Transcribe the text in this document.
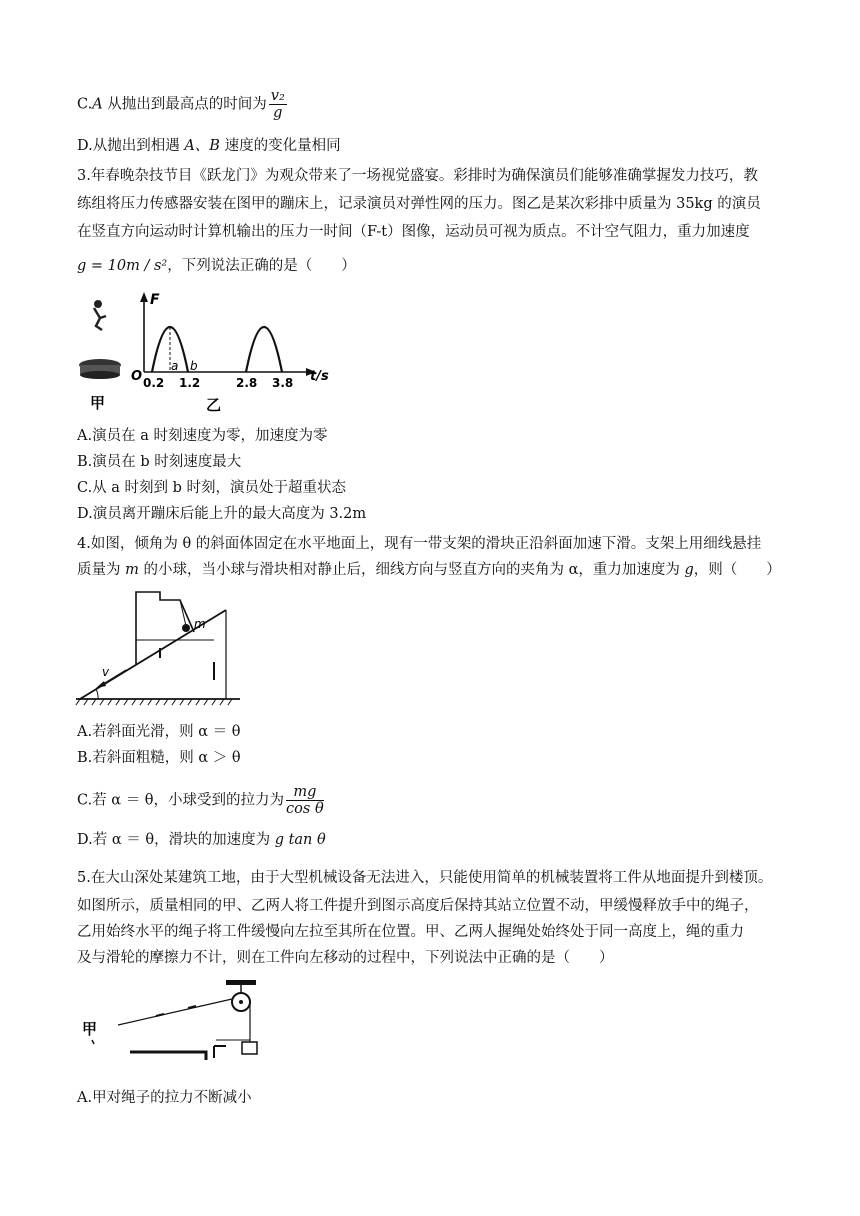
C.A 从抛出到最高点的时间为 $\frac{\text{v₂}}{g}$
D.从抛出到相遇 A、B 速度的变化量相同
3.年春晚杂技节目《跃龙门》为观众带来了一场视觉盛宴。彩排时为确保演员们能够准确掌握发力技巧，教
练组将压力传感器安装在图甲的蹦床上，记录演员对弹性网的压力。图乙是某次彩排中质量为 35kg 的演员
在竖直方向运动时计算机输出的压力一时间（F-t）图像，运动员可视为质点。不计空气阻力，重力加速度
g = 10m / s²，下列说法正确的是（　　）
甲
F
t/s
O
a b
0.2 1.2	2.8 3.8
乙
A.演员在 a 时刻速度为零，加速度为零
B.演员在 b 时刻速度最大
C.从 a 时刻到 b 时刻，演员处于超重状态
D.演员离开蹦床后能上升的最大高度为 3.2m
4.如图，倾角为 θ 的斜面体固定在水平地面上，现有一带支架的滑块正沿斜面加速下滑。支架上用细线悬挂
质量为 m 的小球，当小球与滑块相对静止后，细线方向与竖直方向的夹角为 α，重力加速度为 g，则（　　）
m
v
A.若斜面光滑，则 α ＝ θ
B.若斜面粗糙，则 α ＞ θ
C.若 α ＝ θ，小球受到的拉力为 $\frac{mg}{\text{cos θ}}$
D.若 α ＝ θ，滑块的加速度为 g tan θ
5.在大山深处某建筑工地，由于大型机械设备无法进入，只能使用简单的机械装置将工件从地面提升到楼顶。
如图所示，质量相同的甲、乙两人将工件提升到图示高度后保持其站立位置不动，甲缓慢释放手中的绳子，
乙用始终水平的绳子将工件缓慢向左拉至其所在位置。甲、乙两人握绳处始终处于同一高度上，绳的重力
及与滑轮的摩擦力不计，则在工件向左移动的过程中，下列说法中正确的是（　　）
甲
A.甲对绳子的拉力不断减小
